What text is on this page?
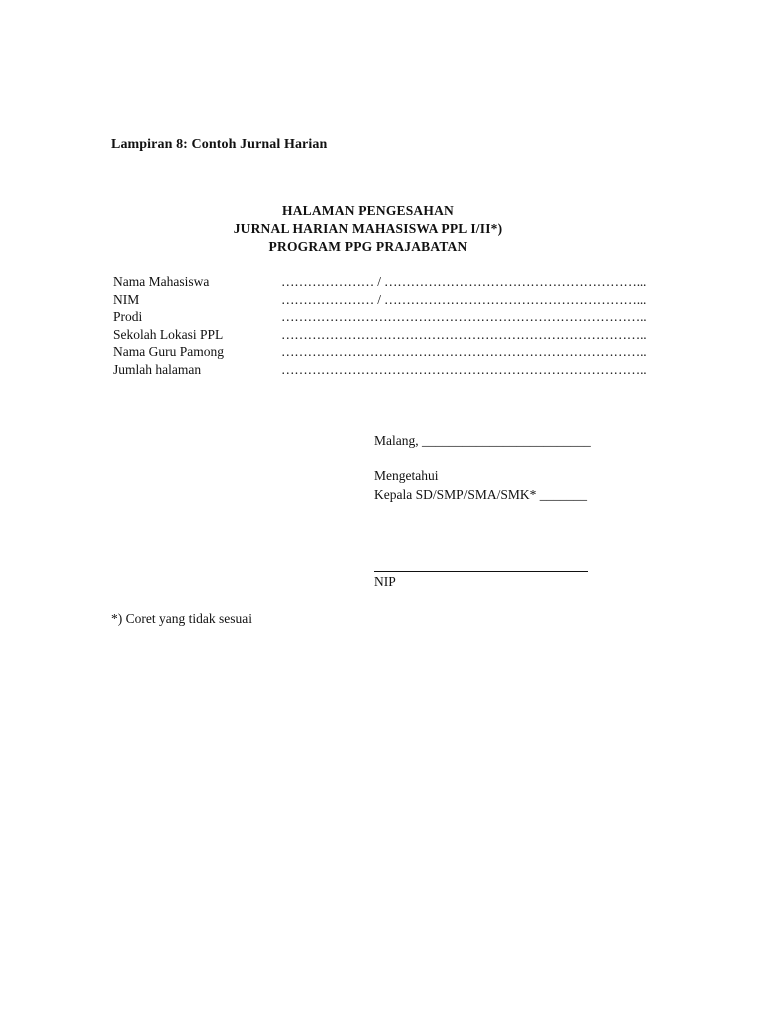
Lampiran 8: Contoh Jurnal Harian
HALAMAN PENGESAHAN
JURNAL HARIAN MAHASISWA PPL I/II*)
PROGRAM PPG PRAJABATAN
Nama Mahasiswa	………………… / …………………………………………………...
NIM	………………… / …………………………………………………...
Prodi	………………………………………………………………………..
Sekolah Lokasi PPL	………………………………………………………………………..
Nama Guru Pamong	………………………………………………………………………..
Jumlah halaman	………………………………………………………………………..
Malang, _________________________
Mengetahui
Kepala SD/SMP/SMA/SMK* _______
NIP
*) Coret yang tidak sesuai
